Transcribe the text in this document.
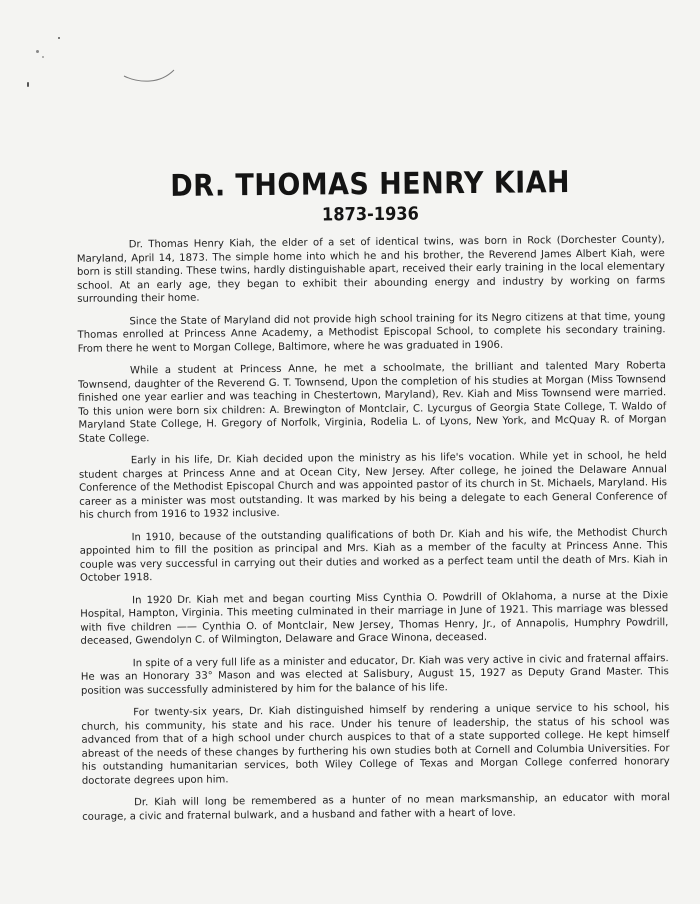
DR. THOMAS HENRY KIAH
1873-1936

Dr. Thomas Henry Kiah, the elder of a set of identical twins, was born in Rock (Dorchester County), Maryland, April 14, 1873. The simple home into which he and his brother, the Reverend James Albert Kiah, were born is still standing. These twins, hardly distinguishable apart, received their early training in the local elementary school. At an early age, they began to exhibit their abounding energy and industry by working on farms surrounding their home.

Since the State of Maryland did not provide high school training for its Negro citizens at that time, young Thomas enrolled at Princess Anne Academy, a Methodist Episcopal School, to complete his secondary training. From there he went to Morgan College, Baltimore, where he was graduated in 1906.

While a student at Princess Anne, he met a schoolmate, the brilliant and talented Mary Roberta Townsend, daughter of the Reverend G. T. Townsend, Upon the completion of his studies at Morgan (Miss Townsend finished one year earlier and was teaching in Chestertown, Maryland), Rev. Kiah and Miss Townsend were married. To this union were born six children: A. Brewington of Montclair, C. Lycurgus of Georgia State College, T. Waldo of Maryland State College, H. Gregory of Norfolk, Virginia, Rodelia L. of Lyons, New York, and McQuay R. of Morgan State College.

Early in his life, Dr. Kiah decided upon the ministry as his life's vocation. While yet in school, he held student charges at Princess Anne and at Ocean City, New Jersey. After college, he joined the Delaware Annual Conference of the Methodist Episcopal Church and was appointed pastor of its church in St. Michaels, Maryland. His career as a minister was most outstanding. It was marked by his being a delegate to each General Conference of his church from 1916 to 1932 inclusive.

In 1910, because of the outstanding qualifications of both Dr. Kiah and his wife, the Methodist Church appointed him to fill the position as principal and Mrs. Kiah as a member of the faculty at Princess Anne. This couple was very successful in carrying out their duties and worked as a perfect team until the death of Mrs. Kiah in October 1918.

In 1920 Dr. Kiah met and began courting Miss Cynthia O. Powdrill of Oklahoma, a nurse at the Dixie Hospital, Hampton, Virginia. This meeting culminated in their marriage in June of 1921. This marriage was blessed with five children —— Cynthia O. of Montclair, New Jersey, Thomas Henry, Jr., of Annapolis, Humphry Powdrill, deceased, Gwendolyn C. of Wilmington, Delaware and Grace Winona, deceased.

In spite of a very full life as a minister and educator, Dr. Kiah was very active in civic and fraternal affairs. He was an Honorary 33° Mason and was elected at Salisbury, August 15, 1927 as Deputy Grand Master. This position was successfully administered by him for the balance of his life.

For twenty-six years, Dr. Kiah distinguished himself by rendering a unique service to his school, his church, his community, his state and his race. Under his tenure of leadership, the status of his school was advanced from that of a high school under church auspices to that of a state supported college. He kept himself abreast of the needs of these changes by furthering his own studies both at Cornell and Columbia Universities. For his outstanding humanitarian services, both Wiley College of Texas and Morgan College conferred honorary doctorate degrees upon him.

Dr. Kiah will long be remembered as a hunter of no mean marksmanship, an educator with moral courage, a civic and fraternal bulwark, and a husband and father with a heart of love.
